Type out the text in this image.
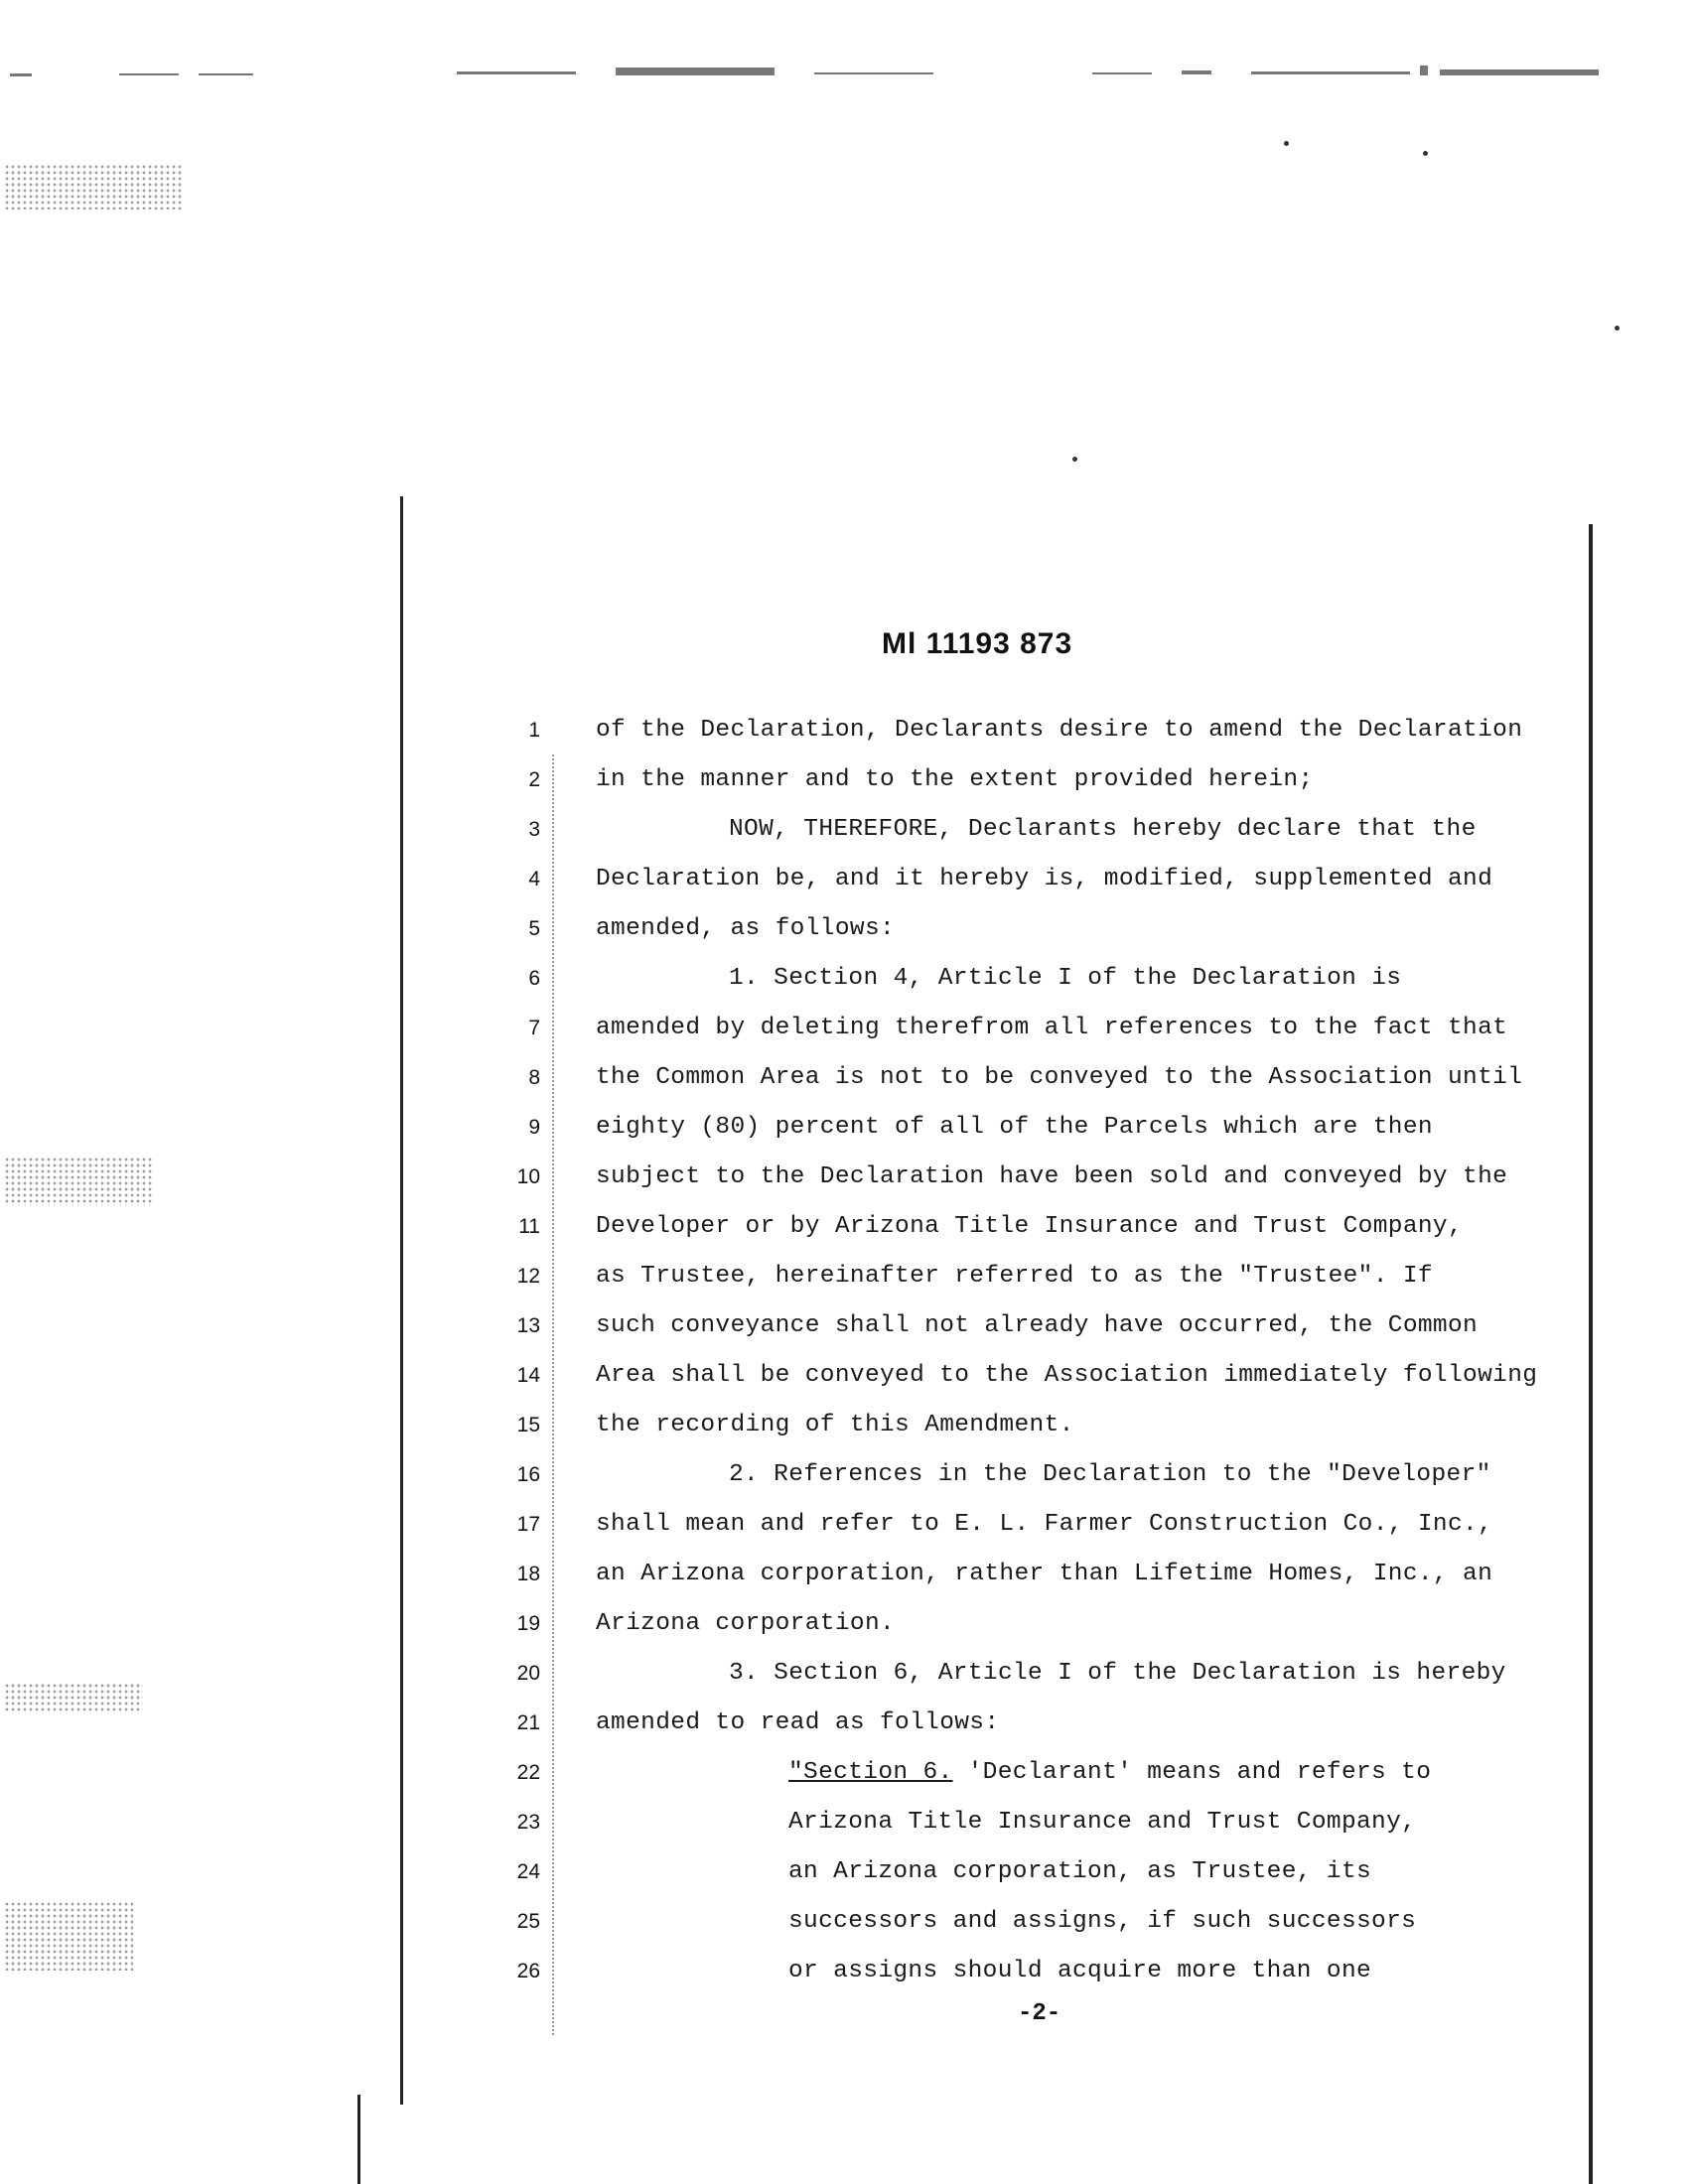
Ml 11193 873
1 of the Declaration, Declarants desire to amend the Declaration
2 in the manner and to the extent provided herein;
3	NOW, THEREFORE, Declarants hereby declare that the
4 Declaration be, and it hereby is, modified, supplemented and
5 amended, as follows:
6	1. Section 4, Article I of the Declaration is
7 amended by deleting therefrom all references to the fact that
8 the Common Area is not to be conveyed to the Association until
9 eighty (80) percent of all of the Parcels which are then
10 subject to the Declaration have been sold and conveyed by the
11 Developer or by Arizona Title Insurance and Trust Company,
12 as Trustee, hereinafter referred to as the "Trustee". If
13 such conveyance shall not already have occurred, the Common
14 Area shall be conveyed to the Association immediately following
15 the recording of this Amendment.
16	2. References in the Declaration to the "Developer"
17 shall mean and refer to E. L. Farmer Construction Co., Inc.,
18 an Arizona corporation, rather than Lifetime Homes, Inc., an
19 Arizona corporation.
20	3. Section 6, Article I of the Declaration is hereby
21 amended to read as follows:
22	"Section 6. 'Declarant' means and refers to
23	Arizona Title Insurance and Trust Company,
24	an Arizona corporation, as Trustee, its
25	successors and assigns, if such successors
26	or assigns should acquire more than one
-2-
